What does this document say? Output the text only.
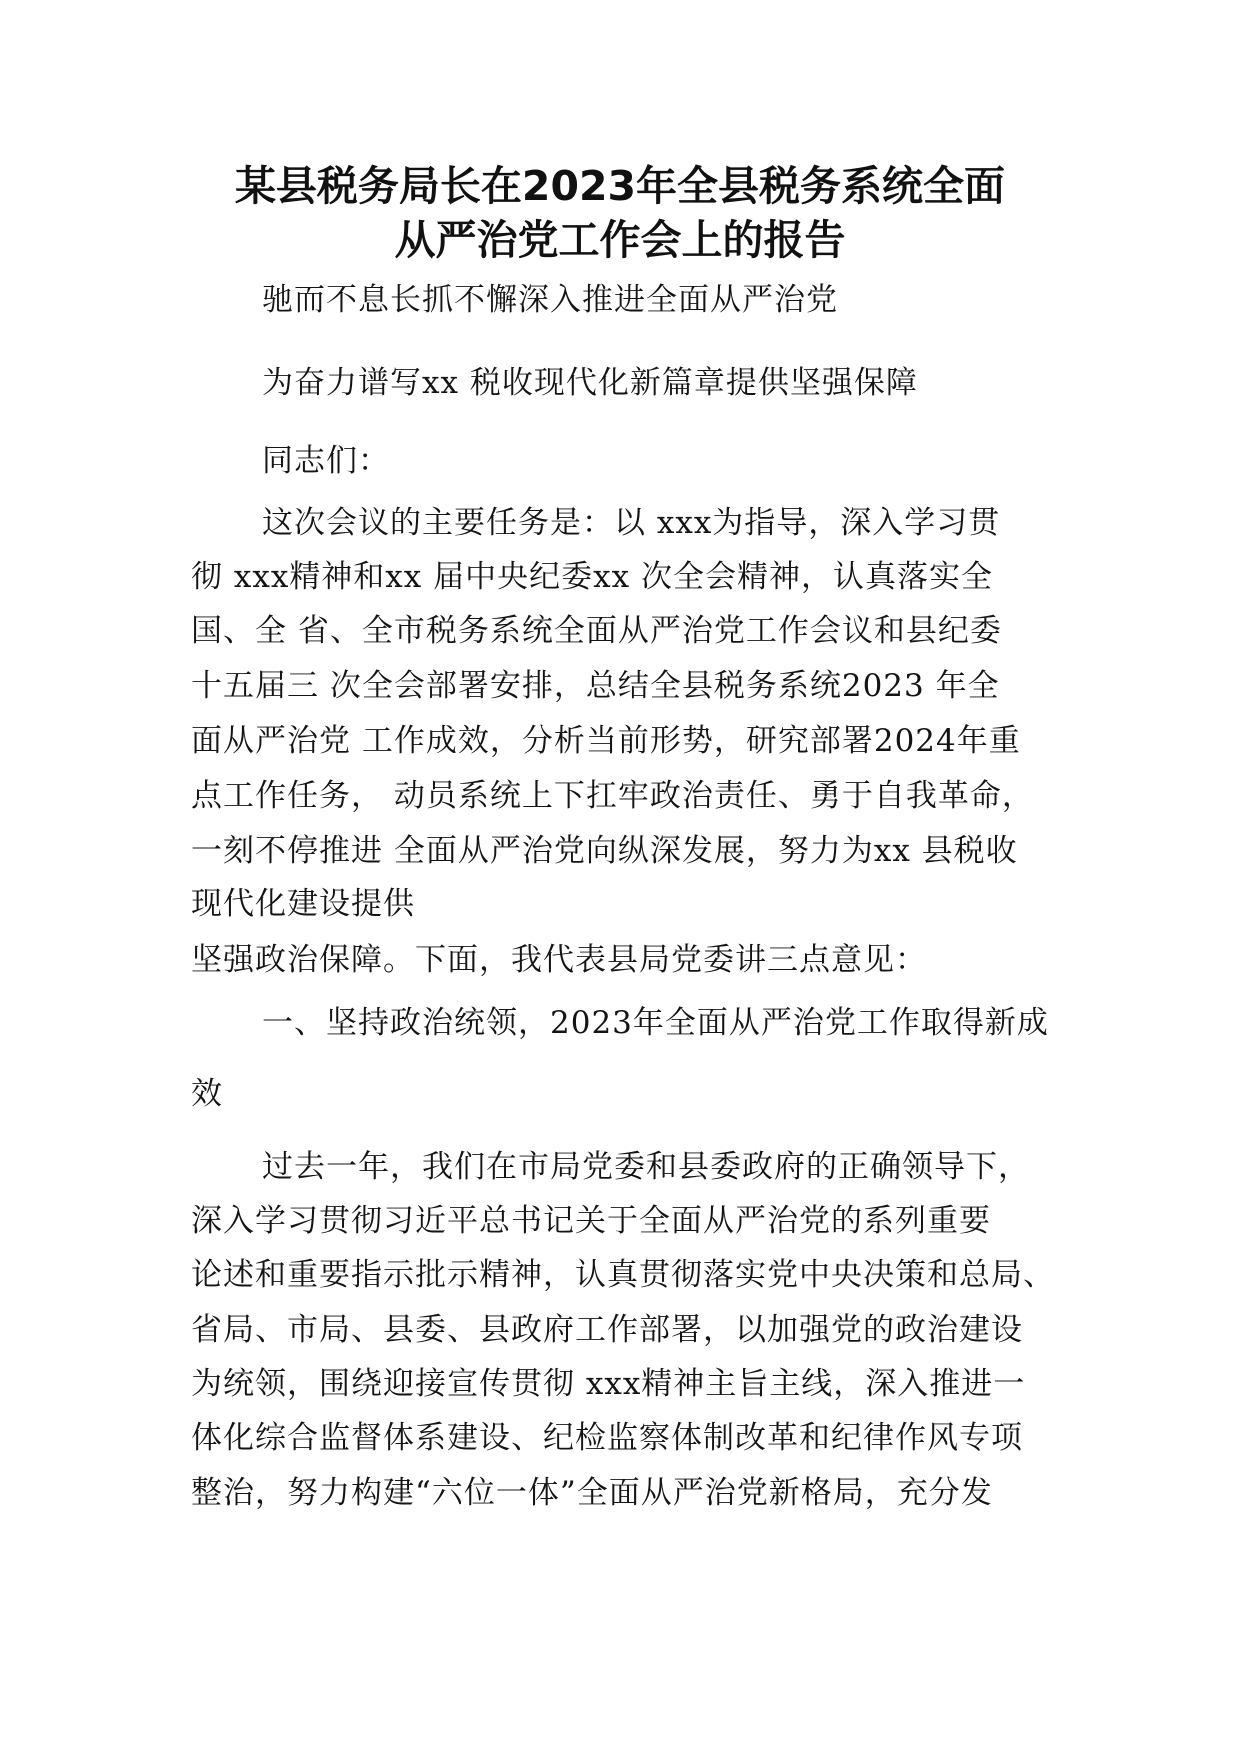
某县税务局长在2023年全县税务系统全面
从严治党工作会上的报告
驰而不息长抓不懈深入推进全面从严治党
为奋力谱写xx 税收现代化新篇章提供坚强保障
同志们：
这次会议的主要任务是：以 xxx为指导，深入学习贯
彻 xxx精神和xx 届中央纪委xx 次全会精神，认真落实全
国、全 省、全市税务系统全面从严治党工作会议和县纪委
十五届三 次全会部署安排，总结全县税务系统2023 年全
面从严治党 工作成效，分析当前形势，研究部署2024年重
点工作任务， 动员系统上下扛牢政治责任、勇于自我革命，
一刻不停推进 全面从严治党向纵深发展，努力为xx 县税收
现代化建设提供
坚强政治保障。下面，我代表县局党委讲三点意见：
一、坚持政治统领，2023年全面从严治党工作取得新成
效
过去一年，我们在市局党委和县委政府的正确领导下，
深入学习贯彻习近平总书记关于全面从严治党的系列重要
论述和重要指示批示精神，认真贯彻落实党中央决策和总局、
省局、市局、县委、县政府工作部署，以加强党的政治建设
为统领，围绕迎接宣传贯彻 xxx精神主旨主线，深入推进一
体化综合监督体系建设、纪检监察体制改革和纪律作风专项
整治，努力构建“六位一体”全面从严治党新格局，充分发
